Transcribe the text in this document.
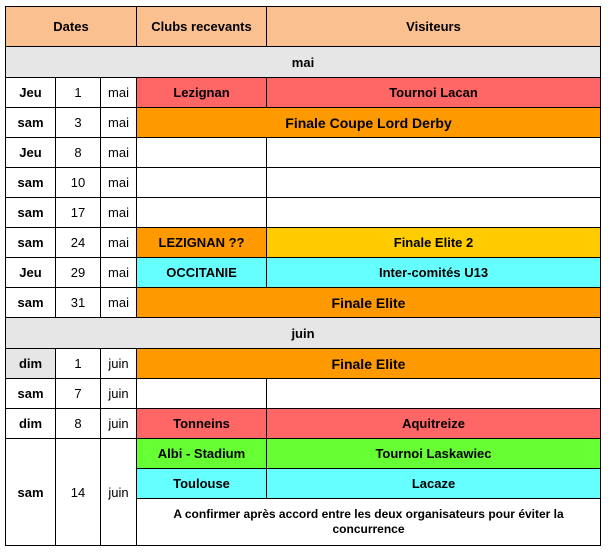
Dates			Clubs recevants	Visiteurs
mai				
Jeu	1	mai	Lezignan	Tournoi Lacan
sam	3	mai	Finale Coupe Lord Derby	
Jeu	8	mai		
sam	10	mai		
sam	17	mai		
sam	24	mai	LEZIGNAN ??	Finale Elite 2
Jeu	29	mai	OCCITANIE	Inter-comités U13
sam	31	mai	Finale Elite	
juin				
dim	1	juin	Finale Elite	
sam	7	juin		
dim	8	juin	Tonneins	Aquitreize
sam	14	juin	Albi - Stadium	Tournoi Laskawiec
			Toulouse	Lacaze
			A confirmer après accord entre les deux organisateurs pour éviter la concurrence	
